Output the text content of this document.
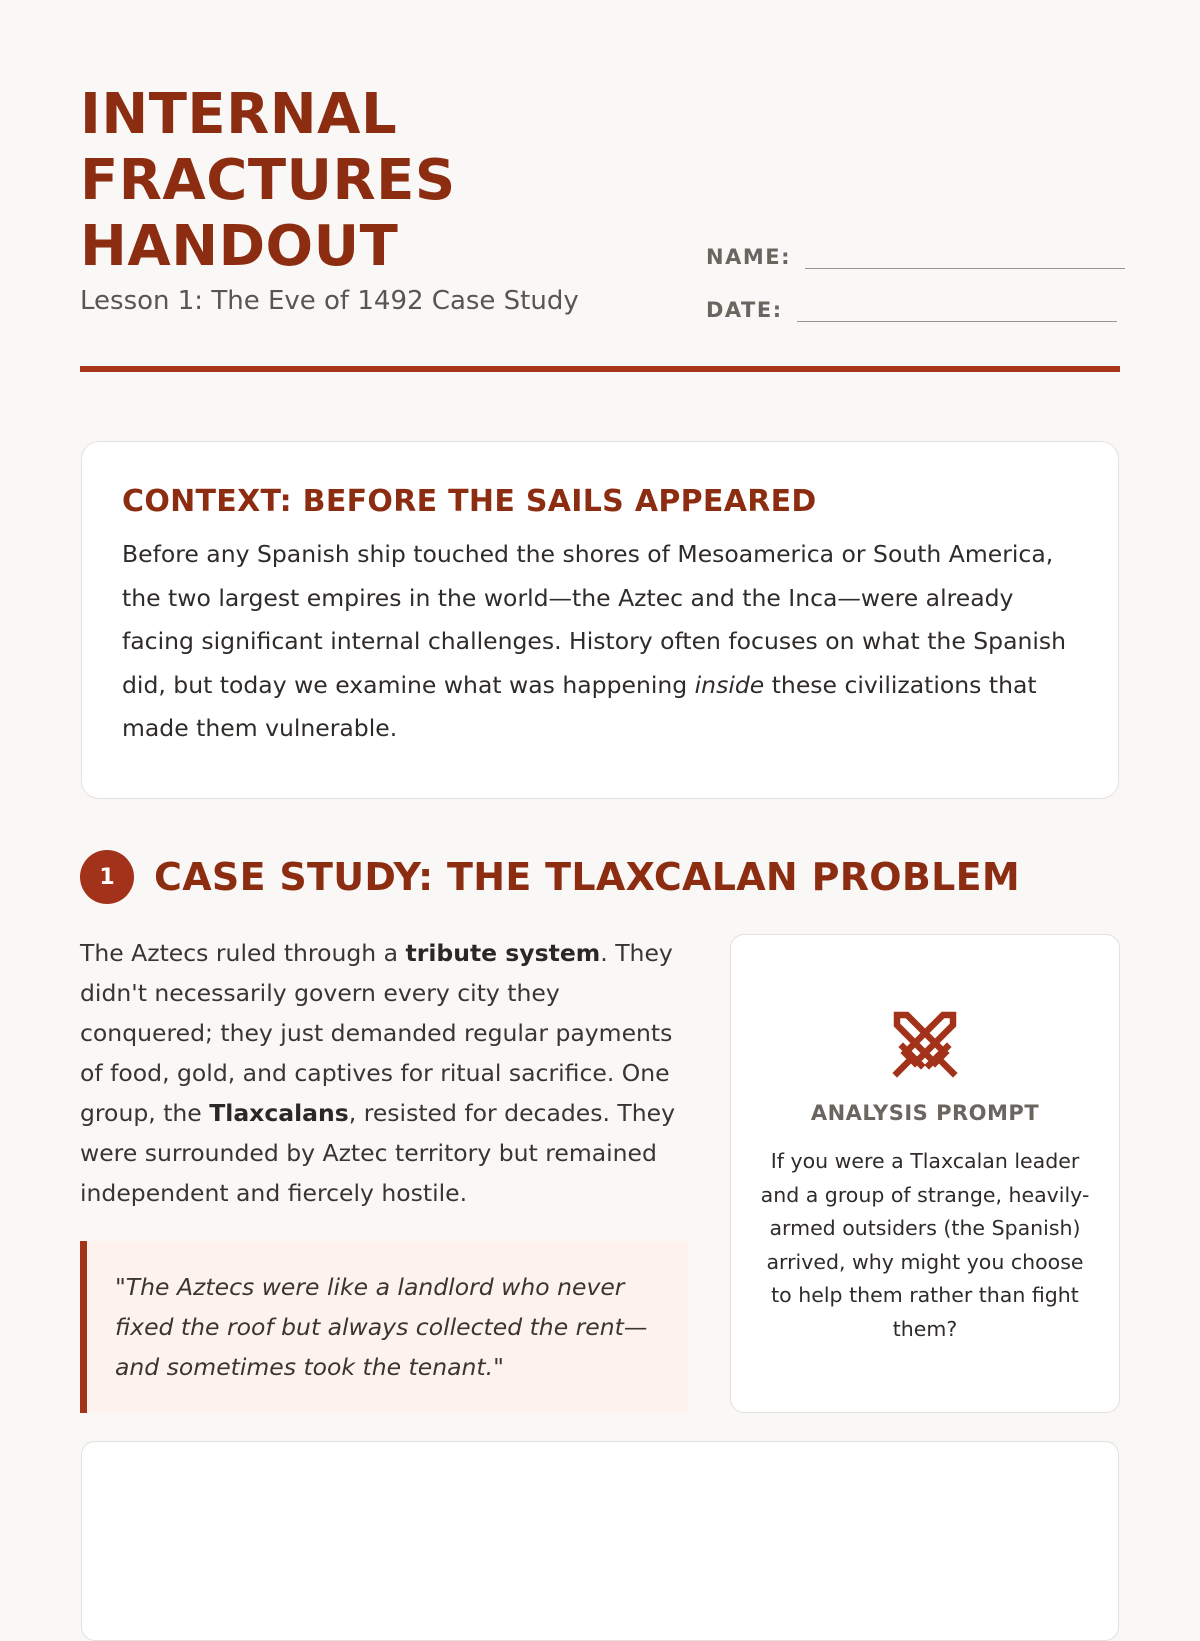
INTERNAL
FRACTURES
HANDOUT
Lesson 1: The Eve of 1492 Case Study
NAME:
DATE:
CONTEXT: BEFORE THE SAILS APPEARED

Before any Spanish ship touched the shores of Mesoamerica or South America, the two largest empires in the world—the Aztec and the Inca—were already facing significant internal challenges. History often focuses on what the Spanish did, but today we examine what was happening inside these civilizations that made them vulnerable.

1	CASE STUDY: THE TLAXCALAN PROBLEM

The Aztecs ruled through a tribute system. They didn't necessarily govern every city they conquered; they just demanded regular payments of food, gold, and captives for ritual sacrifice. One group, the Tlaxcalans, resisted for decades. They were surrounded by Aztec territory but remained independent and fiercely hostile.

"The Aztecs were like a landlord who never fixed the roof but always collected the rent—and sometimes took the tenant."
ANALYSIS PROMPT

If you were a Tlaxcalan leader and a group of strange, heavily-armed outsiders (the Spanish) arrived, why might you choose to help them rather than fight them?
